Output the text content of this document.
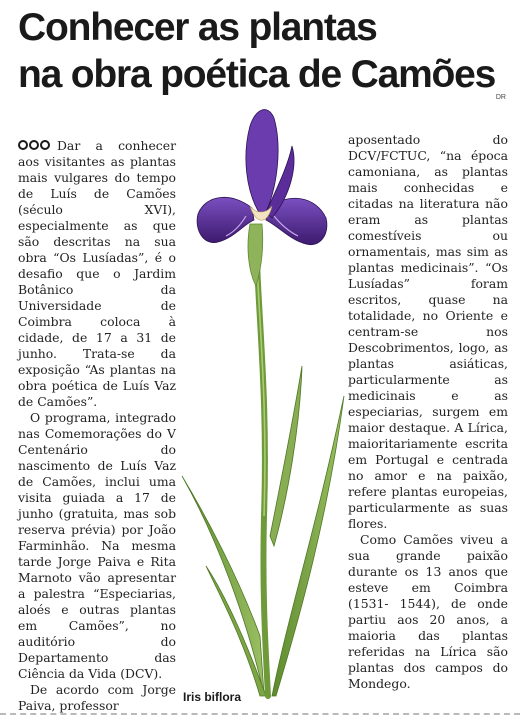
Conhecer as plantas
na obra poética de Camões
DR

Dar a conhecer aos visitantes as plantas mais vulgares do tempo de Luís de Camões (século XVI), especialmente as que são descritas na sua obra “Os Lusíadas”, é o desafio que o Jardim Botânico da Universidade de Coimbra coloca à cidade, de 17 a 31 de junho. Trata-se da exposição “As plantas na obra poética de Luís Vaz de Camões”.

O programa, integrado nas Comemorações do V Centenário do nascimento de Luís Vaz de Camões, inclui uma visita guiada a 17 de junho (gratuita, mas sob reserva prévia) por João Farminhão. Na mesma tarde Jorge Paiva e Rita Marnoto vão apresentar a palestra “Especiarias, aloés e outras plantas em Camões”, no auditório do Departamento das Ciência da Vida (DCV).

De acordo com Jorge Paiva, professor

Iris biflora

aposentado do DCV/FCTUC, “na época camoniana, as plantas mais conhecidas e citadas na literatura não eram as plantas comestíveis ou ornamentais, mas sim as plantas medicinais”. “Os Lusíadas” foram escritos, quase na totalidade, no Oriente e centram-se nos Descobrimentos, logo, as plantas asiáticas, particularmente as medicinais e as especiarias, surgem em maior destaque. A Lírica, maioritariamente escrita em Portugal e centrada no amor e na paixão, refere plantas europeias, particularmente as suas flores.

Como Camões viveu a sua grande paixão durante os 13 anos que esteve em Coimbra (1531- 1544), de onde partiu aos 20 anos, a maioria das plantas referidas na Lírica são plantas dos campos do Mondego.
